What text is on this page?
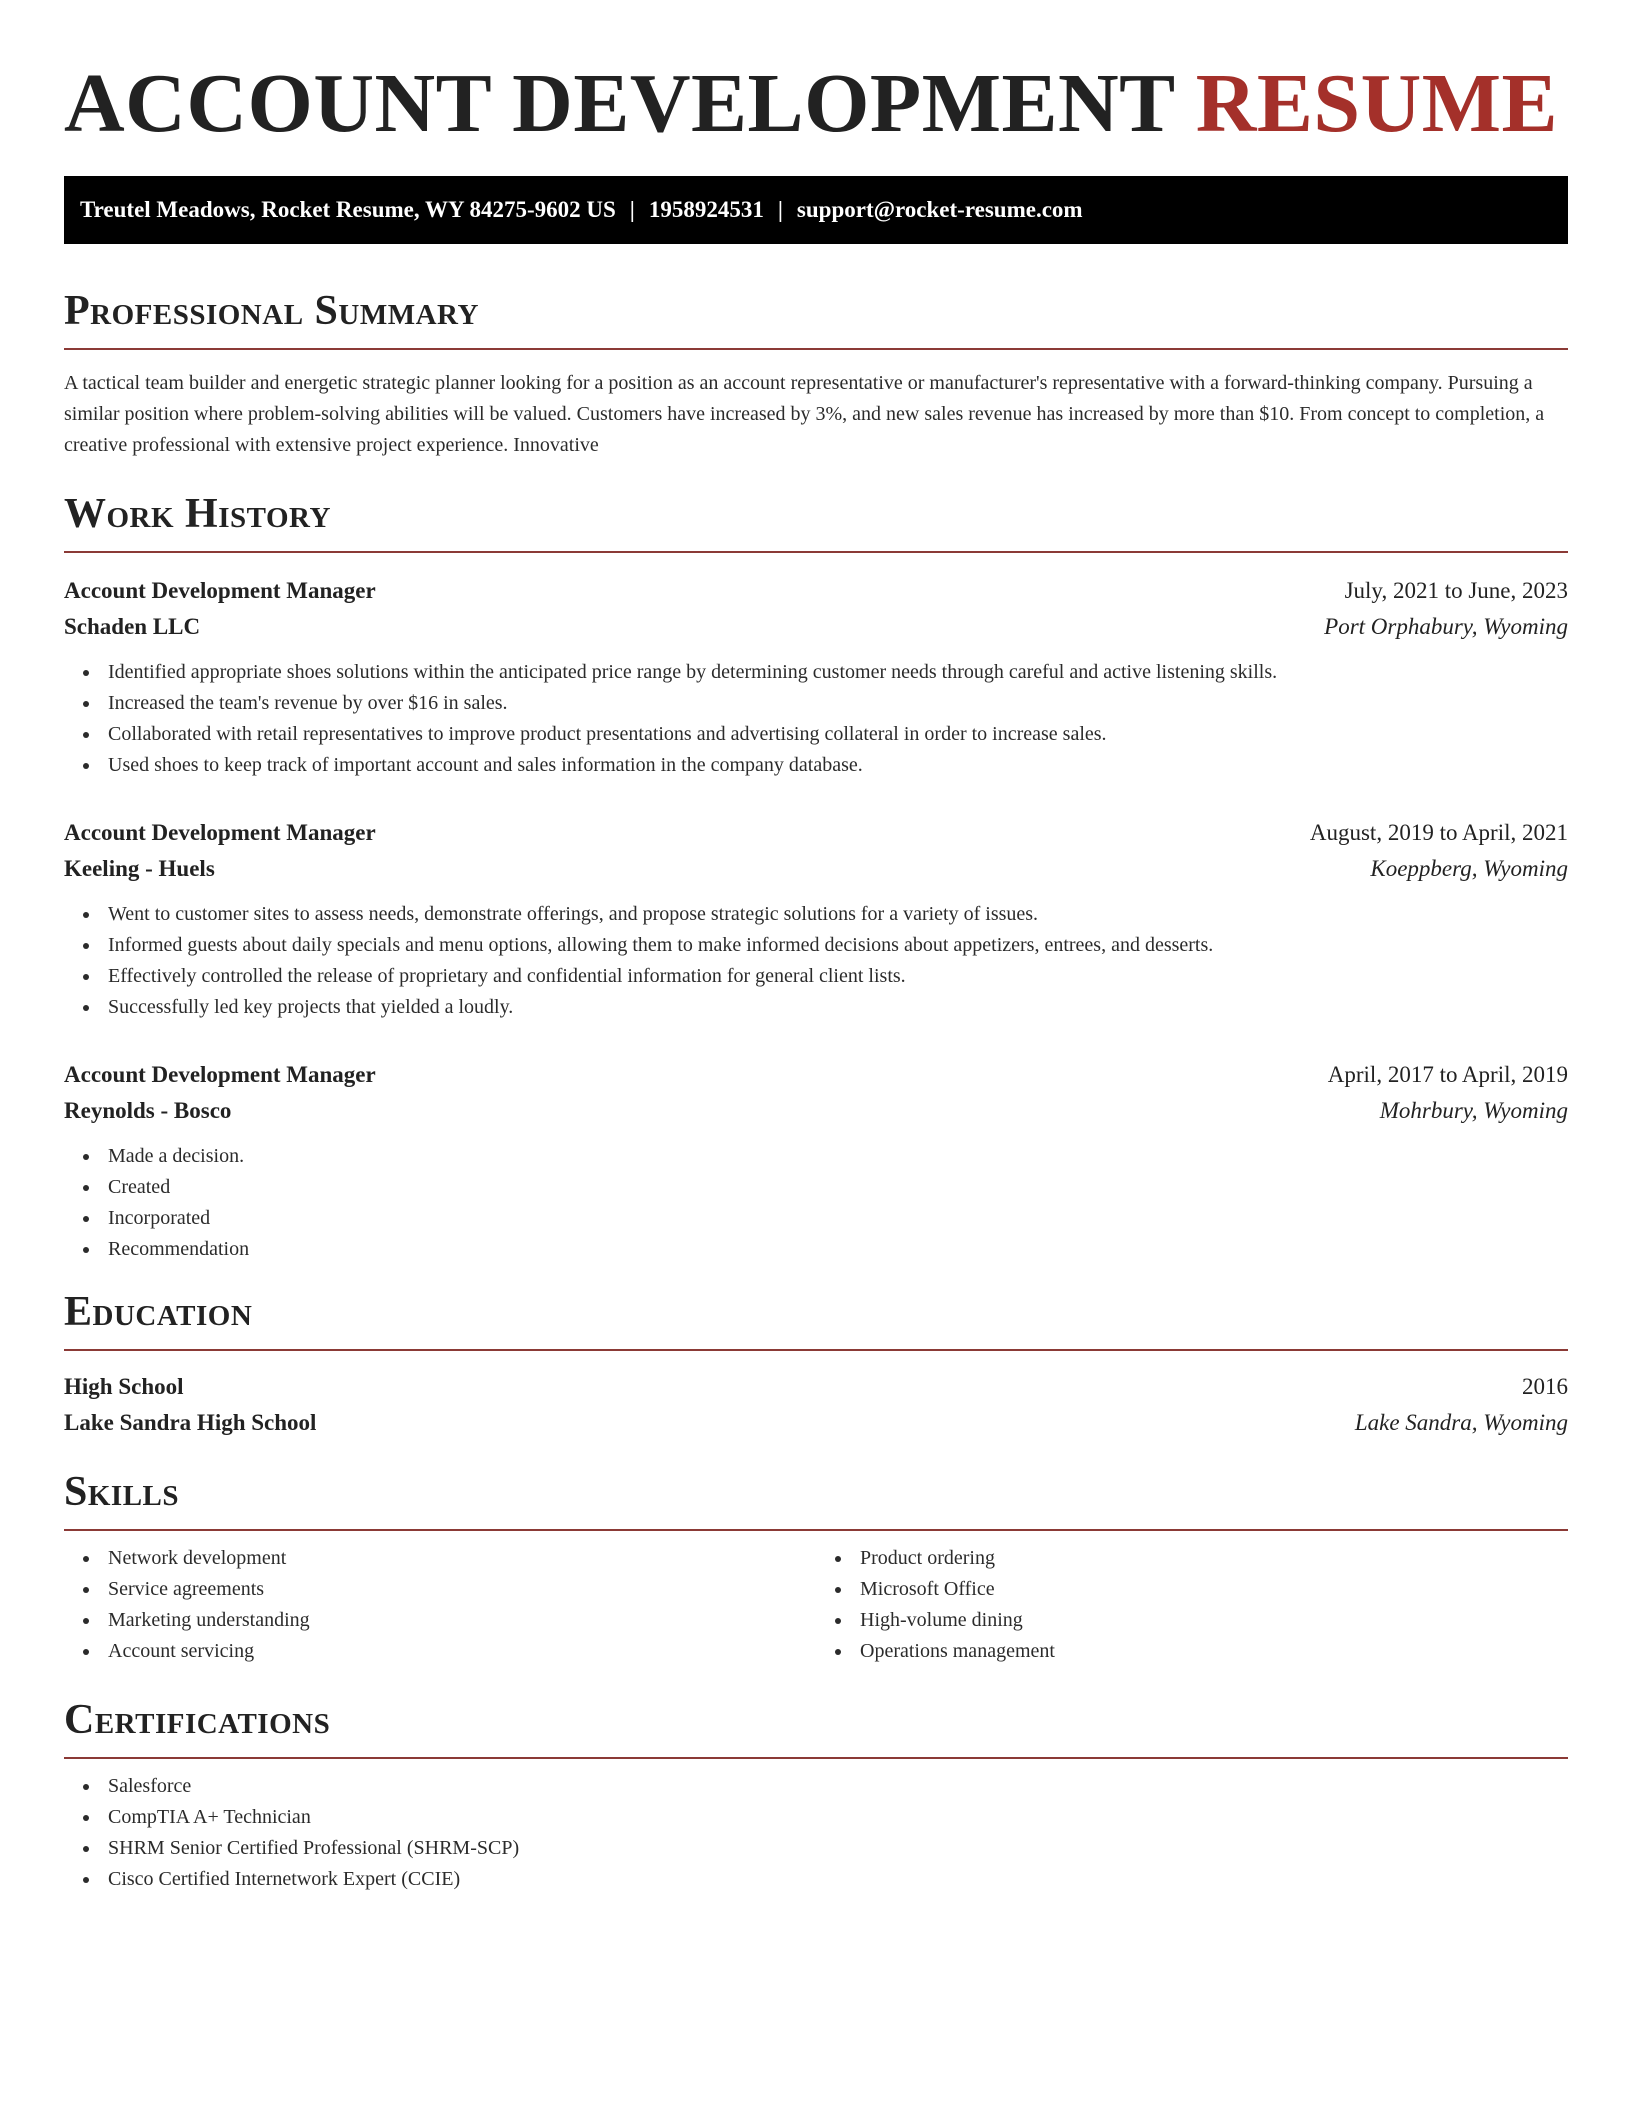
ACCOUNT DEVELOPMENT RESUME
Treutel Meadows, Rocket Resume, WY 84275-9602 US | 1958924531 | support@rocket-resume.com
Professional Summary

A tactical team builder and energetic strategic planner looking for a position as an account representative or manufacturer's representative with a forward-thinking company. Pursuing a similar position where problem-solving abilities will be valued. Customers have increased by 3%, and new sales revenue has increased by more than $10. From concept to completion, a creative professional with extensive project experience. Innovative

Work History
Account Development Manager	July, 2021 to June, 2023
Schaden LLC	Port Orphabury, Wyoming
Identified appropriate shoes solutions within the anticipated price range by determining customer needs through careful and active listening skills.
Increased the team's revenue by over $16 in sales.
Collaborated with retail representatives to improve product presentations and advertising collateral in order to increase sales.
Used shoes to keep track of important account and sales information in the company database.
Account Development Manager	August, 2019 to April, 2021
Keeling - Huels	Koeppberg, Wyoming
Went to customer sites to assess needs, demonstrate offerings, and propose strategic solutions for a variety of issues.
Informed guests about daily specials and menu options, allowing them to make informed decisions about appetizers, entrees, and desserts.
Effectively controlled the release of proprietary and confidential information for general client lists.
Successfully led key projects that yielded a loudly.
Account Development Manager	April, 2017 to April, 2019
Reynolds - Bosco	Mohrbury, Wyoming
Made a decision.
Created
Incorporated
Recommendation
Education
High School	2016
Lake Sandra High School	Lake Sandra, Wyoming
Skills
Network development
Service agreements
Marketing understanding
Account servicing
Product ordering
Microsoft Office
High-volume dining
Operations management
Certifications
Salesforce
CompTIA A+ Technician
SHRM Senior Certified Professional (SHRM-SCP)
Cisco Certified Internetwork Expert (CCIE)
